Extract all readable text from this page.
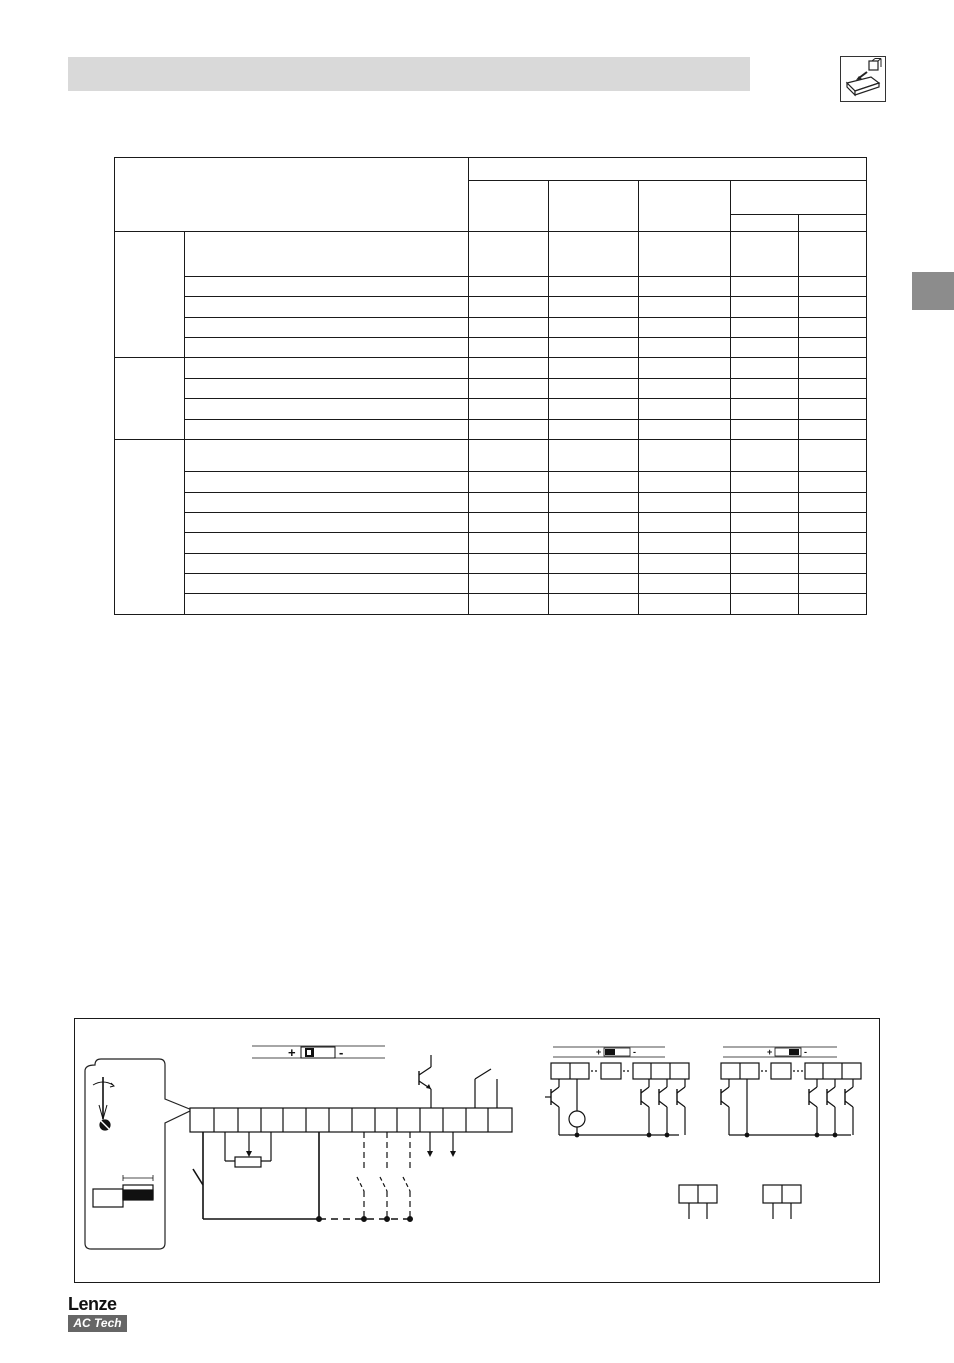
+	-	+	-	+	-
Lenze
AC Tech
